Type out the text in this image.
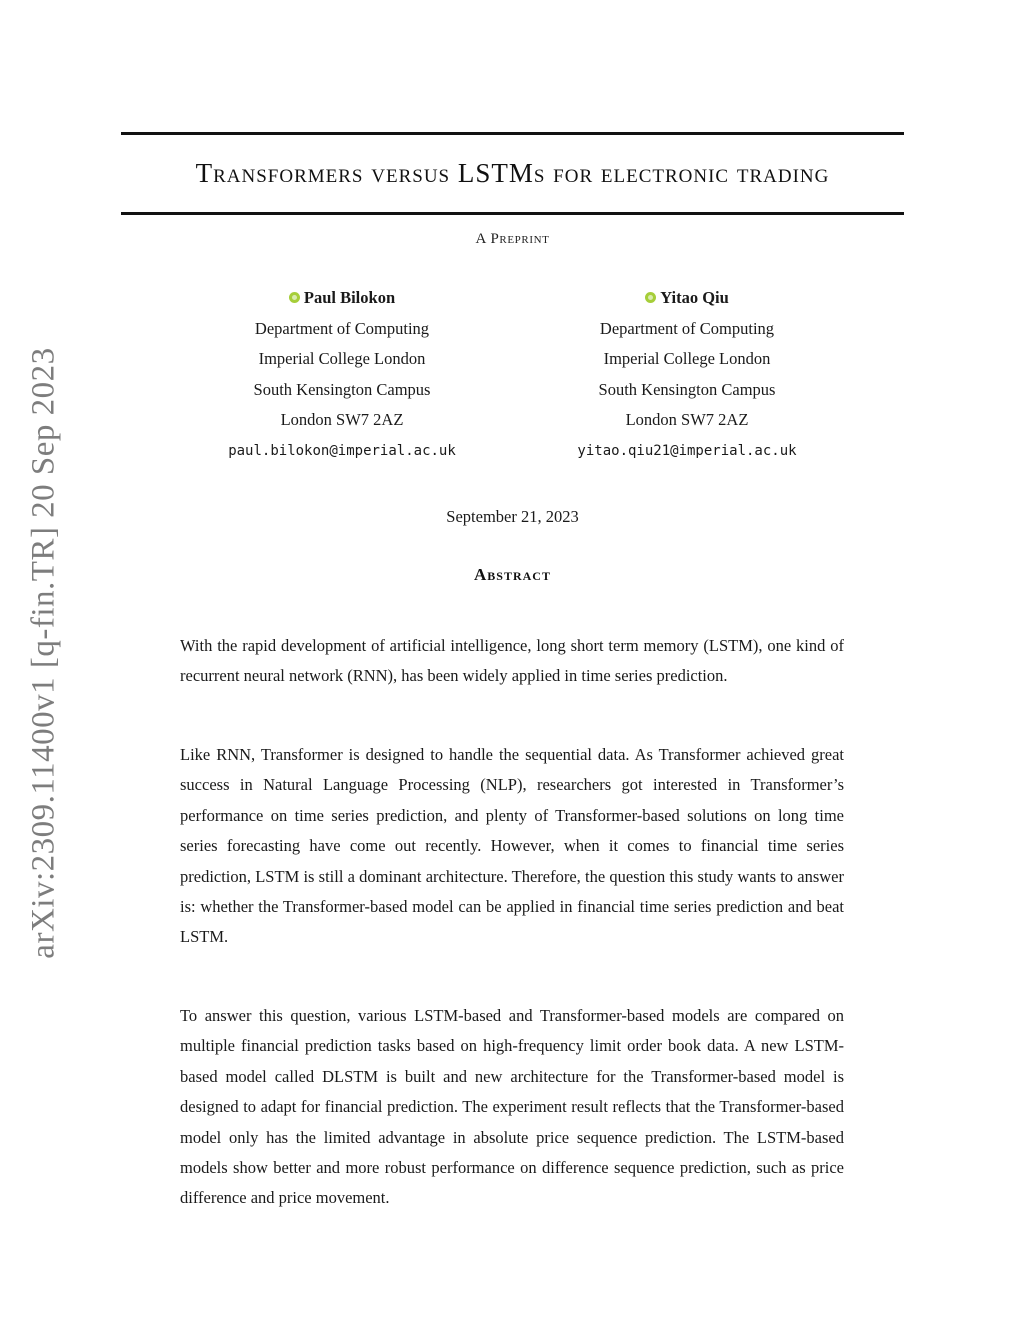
arXiv:2309.11400v1 [q-fin.TR] 20 Sep 2023
Transformers versus LSTMs for electronic trading
A Preprint
Paul Bilokon
Department of Computing
Imperial College London
South Kensington Campus
London SW7 2AZ
paul.bilokon@imperial.ac.uk
Yitao Qiu
Department of Computing
Imperial College London
South Kensington Campus
London SW7 2AZ
yitao.qiu21@imperial.ac.uk
September 21, 2023
Abstract

With the rapid development of artificial intelligence, long short term memory (LSTM), one kind of recurrent neural network (RNN), has been widely applied in time series prediction.

Like RNN, Transformer is designed to handle the sequential data. As Transformer achieved great success in Natural Language Processing (NLP), researchers got interested in Transformer’s performance on time series prediction, and plenty of Transformer-based solutions on long time series forecasting have come out recently. However, when it comes to financial time series prediction, LSTM is still a dominant architecture. Therefore, the question this study wants to answer is: whether the Transformer-based model can be applied in financial time series prediction and beat LSTM.

To answer this question, various LSTM-based and Transformer-based models are compared on multiple financial prediction tasks based on high-frequency limit order book data. A new LSTM-based model called DLSTM is built and new architecture for the Transformer-based model is designed to adapt for financial prediction. The experiment result reflects that the Transformer-based model only has the limited advantage in absolute price sequence prediction. The LSTM-based models show better and more robust performance on difference sequence prediction, such as price difference and price movement.
